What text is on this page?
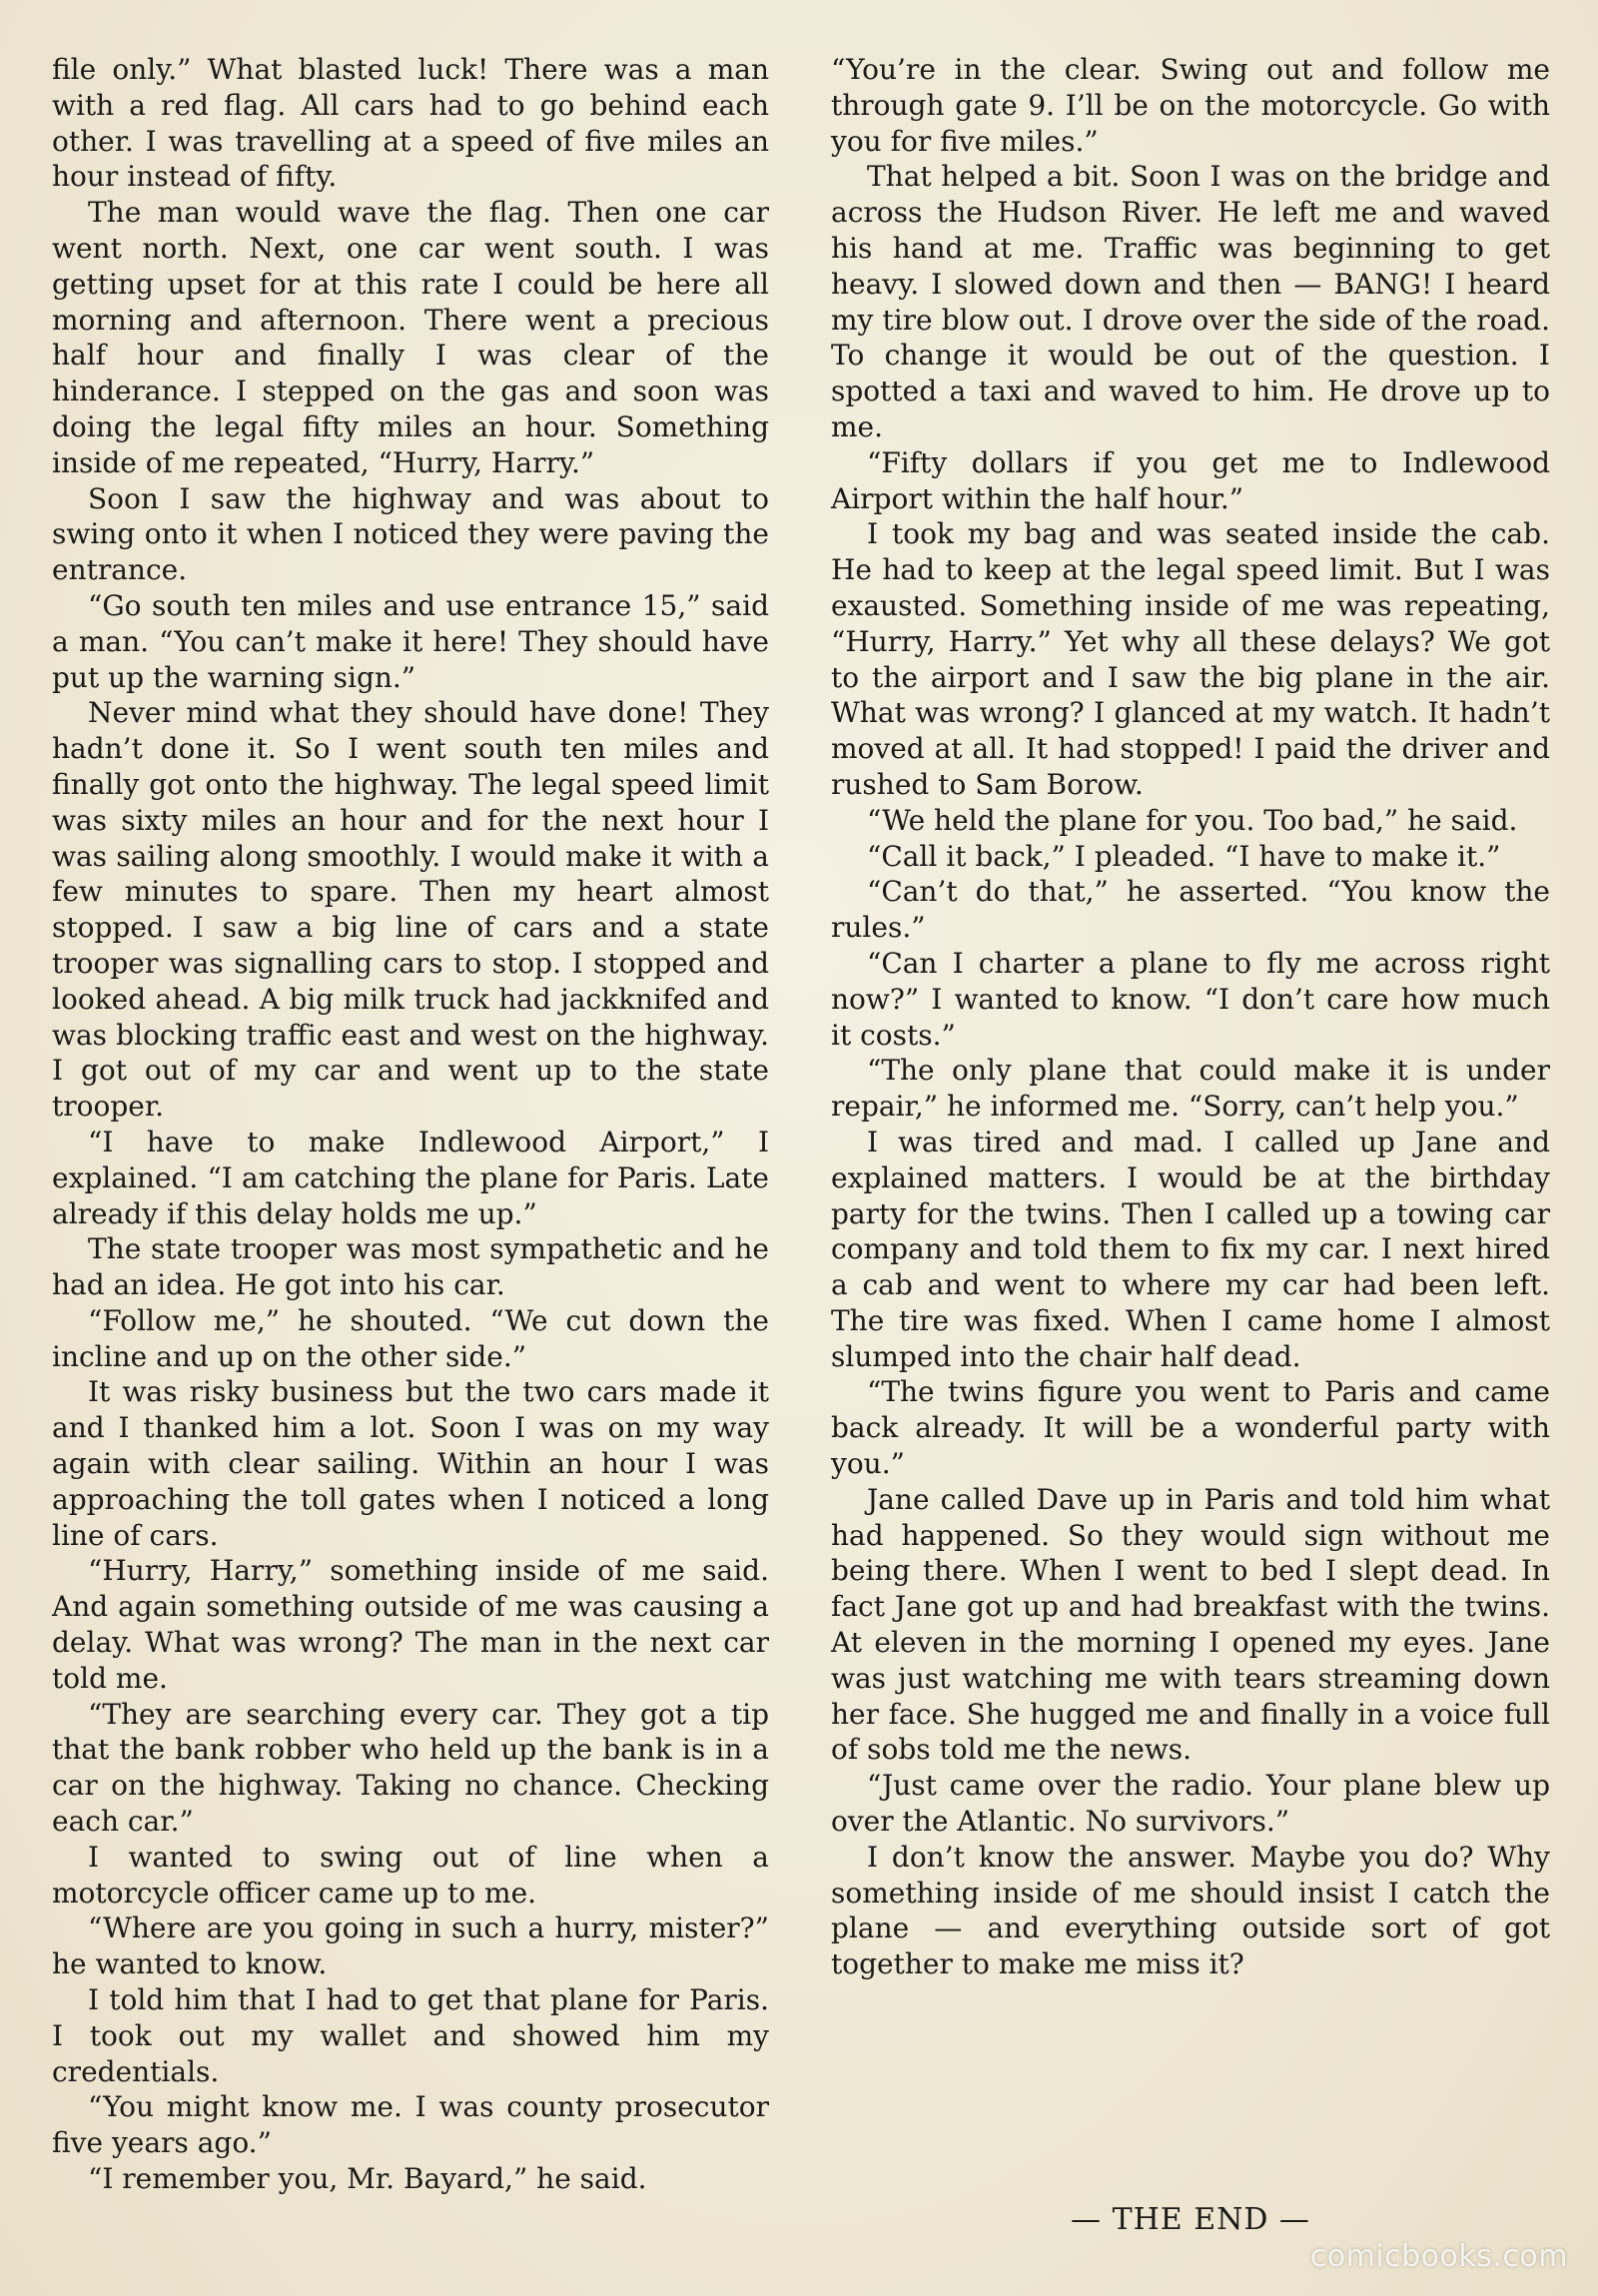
file only.” What blasted luck! There was a man with a red flag. All cars had to go behind each other. I was travelling at a speed of five miles an hour instead of fifty.

The man would wave the flag. Then one car went north. Next, one car went south. I was getting upset for at this rate I could be here all morning and afternoon. There went a precious half hour and finally I was clear of the hinderance. I stepped on the gas and soon was doing the legal fifty miles an hour. Something inside of me repeated, “Hurry, Harry.”

Soon I saw the highway and was about to swing onto it when I noticed they were paving the entrance.

“Go south ten miles and use entrance 15,” said a man. “You can’t make it here! They should have put up the warning sign.”

Never mind what they should have done! They hadn’t done it. So I went south ten miles and finally got onto the highway. The legal speed limit was sixty miles an hour and for the next hour I was sailing along smoothly. I would make it with a few minutes to spare. Then my heart almost stopped. I saw a big line of cars and a state trooper was signalling cars to stop. I stopped and looked ahead. A big milk truck had jackknifed and was blocking traffic east and west on the highway. I got out of my car and went up to the state trooper.

“I have to make Indlewood Airport,” I explained. “I am catching the plane for Paris. Late already if this delay holds me up.”

The state trooper was most sympathetic and he had an idea. He got into his car.

“Follow me,” he shouted. “We cut down the incline and up on the other side.”

It was risky business but the two cars made it and I thanked him a lot. Soon I was on my way again with clear sailing. Within an hour I was approaching the toll gates when I noticed a long line of cars.

“Hurry, Harry,” something inside of me said. And again something outside of me was causing a delay. What was wrong? The man in the next car told me.

“They are searching every car. They got a tip that the bank robber who held up the bank is in a car on the highway. Taking no chance. Checking each car.”

I wanted to swing out of line when a motorcycle officer came up to me.

“Where are you going in such a hurry, mister?” he wanted to know.

I told him that I had to get that plane for Paris. I took out my wallet and showed him my credentials.

“You might know me. I was county prosecutor five years ago.”

“I remember you, Mr. Bayard,” he said.

“You’re in the clear. Swing out and follow me through gate 9. I’ll be on the motorcycle. Go with you for five miles.”

That helped a bit. Soon I was on the bridge and across the Hudson River. He left me and waved his hand at me. Traffic was beginning to get heavy. I slowed down and then — BANG! I heard my tire blow out. I drove over the side of the road. To change it would be out of the question. I spotted a taxi and waved to him. He drove up to me.

“Fifty dollars if you get me to Indlewood Airport within the half hour.”

I took my bag and was seated inside the cab. He had to keep at the legal speed limit. But I was exausted. Something inside of me was repeating, “Hurry, Harry.” Yet why all these delays? We got to the airport and I saw the big plane in the air. What was wrong? I glanced at my watch. It hadn’t moved at all. It had stopped! I paid the driver and rushed to Sam Borow.

“We held the plane for you. Too bad,” he said.

“Call it back,” I pleaded. “I have to make it.”

“Can’t do that,” he asserted. “You know the rules.”

“Can I charter a plane to fly me across right now?” I wanted to know. “I don’t care how much it costs.”

“The only plane that could make it is under repair,” he informed me. “Sorry, can’t help you.”

I was tired and mad. I called up Jane and explained matters. I would be at the birthday party for the twins. Then I called up a towing car company and told them to fix my car. I next hired a cab and went to where my car had been left. The tire was fixed. When I came home I almost slumped into the chair half dead.

“The twins figure you went to Paris and came back already. It will be a wonderful party with you.”

Jane called Dave up in Paris and told him what had happened. So they would sign without me being there. When I went to bed I slept dead. In fact Jane got up and had breakfast with the twins. At eleven in the morning I opened my eyes. Jane was just watching me with tears streaming down her face. She hugged me and finally in a voice full of sobs told me the news.

“Just came over the radio. Your plane blew up over the Atlantic. No survivors.”

I don’t know the answer. Maybe you do? Why something inside of me should insist I catch the plane — and everything outside sort of got together to make me miss it?

— THE END —
comicbooks.com
